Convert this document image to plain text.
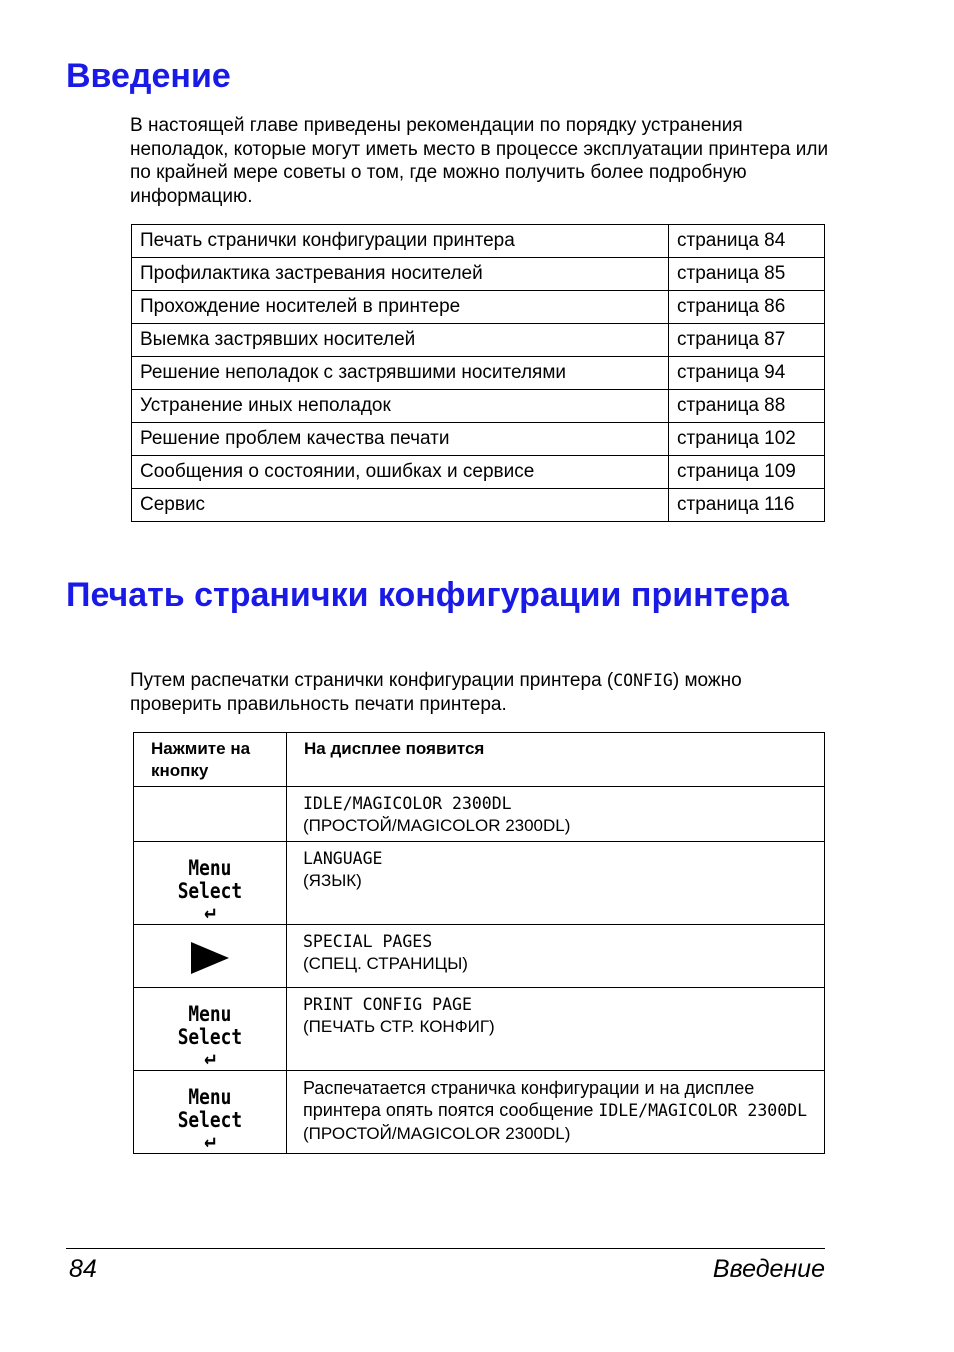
Введение

В настоящей главе приведены рекомендации по порядку устранения неполадок, которые могут иметь место в процессе эксплуатации принтера или по крайней мере советы о том, где можно получить более подробную информацию.

Печать странички конфигурации принтера	страница 84
Профилактика застревания носителей	страница 85
Прохождение носителей в принтере	страница 86
Выемка застрявших носителей	страница 87
Решение неполадок с застрявшими носителями	страница 94
Устранение иных неполадок	страница 88
Решение проблем качества печати	страница 102
Сообщения о состоянии, ошибках и сервисе	страница 109
Сервис	страница 116
Печать странички конфигурации принтера

Путем распечатки странички конфигурации принтера (CONFIG) можно проверить правильность печати принтера.

Нажмите на кнопку	На дисплее появится
	IDLE/MAGICOLOR 2300DL
(ПРОСТОЙ/MAGICOLOR 2300DL)
Menu
Select
↵	LANGUAGE
(ЯЗЫК)
	SPECIAL PAGES
(СПЕЦ. СТРАНИЦЫ)
Menu
Select
↵	PRINT CONFIG PAGE
(ПЕЧАТЬ СТР. КОНФИГ)
Menu
Select
↵	Распечатается страничка конфигурации и на дисплее принтера опять поятся сообщение IDLE/MAGICOLOR 2300DL (ПРОСТОЙ/MAGICOLOR 2300DL)
84	Введение
